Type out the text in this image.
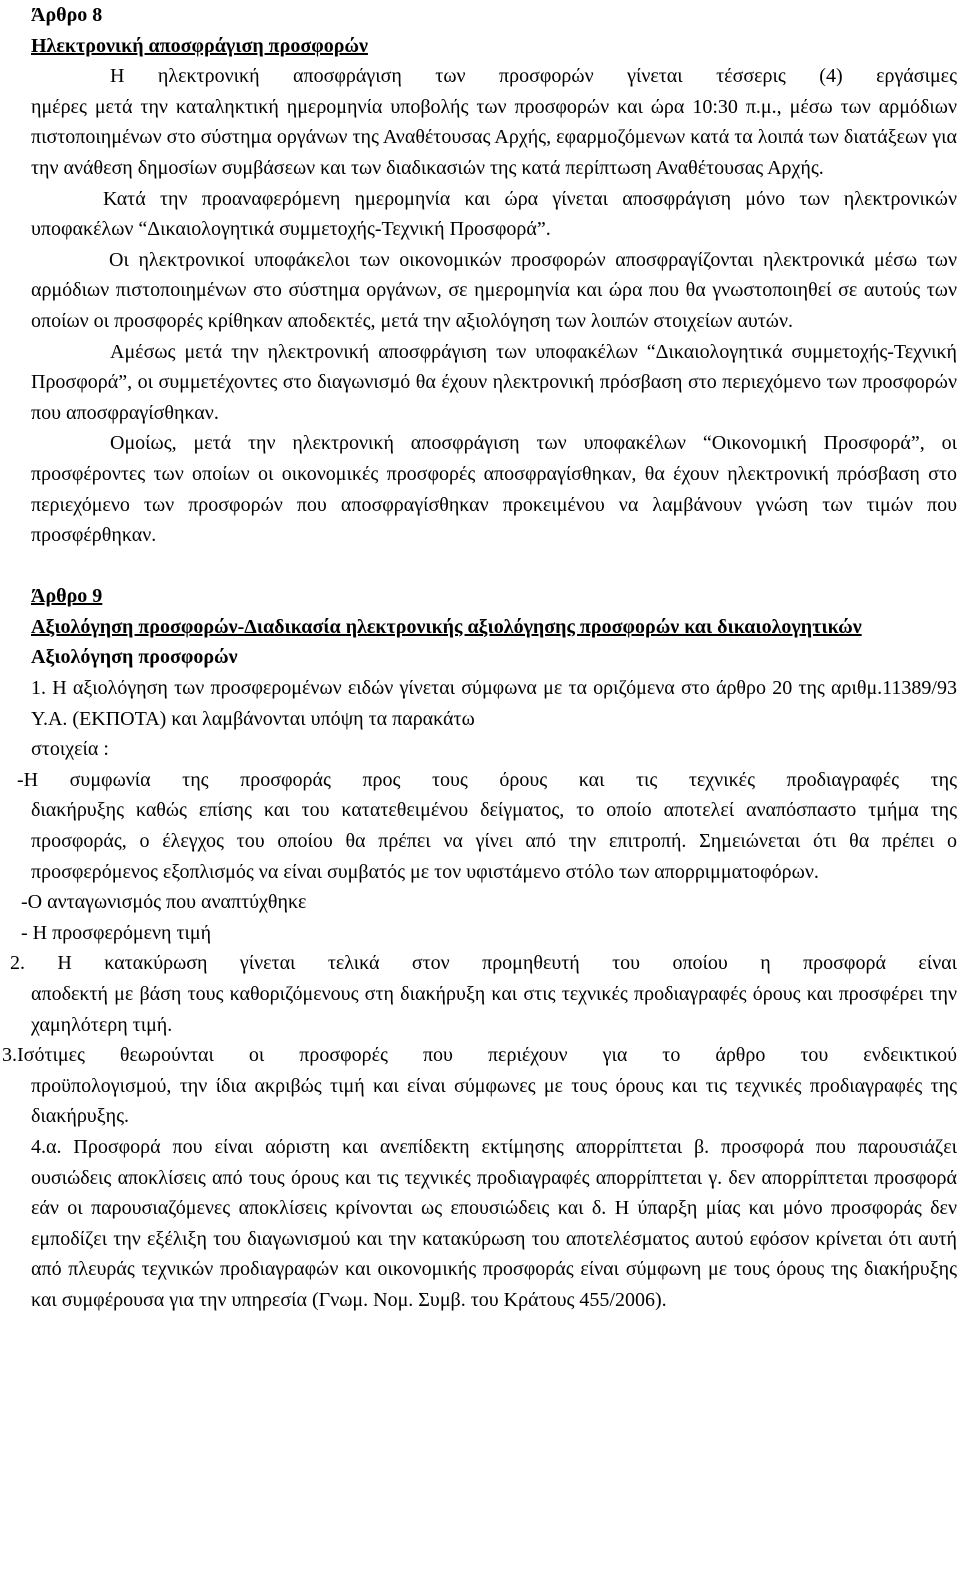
Άρθρο 8
Ηλεκτρονική αποσφράγιση προσφορών
Η ηλεκτρονική αποσφράγιση των προσφορών γίνεται τέσσερις (4) εργάσιμες
ημέρες μετά την καταληκτική ημερομηνία υποβολής των προσφορών και ώρα 10:30 π.μ., μέσω των αρμόδιων πιστοποιημένων στο σύστημα οργάνων της Αναθέτουσας Αρχής, εφαρμοζόμενων κατά τα λοιπά των διατάξεων για την ανάθεση δημοσίων συμβάσεων και των διαδικασιών της κατά περίπτωση Αναθέτουσας Αρχής.
Κατά την προαναφερόμενη ημερομηνία και ώρα γίνεται αποσφράγιση μόνο των ηλεκτρονικών υποφακέλων “Δικαιολογητικά συμμετοχής-Τεχνική Προσφορά”.
Οι ηλεκτρονικοί υποφάκελοι των οικονομικών προσφορών αποσφραγίζονται ηλεκτρονικά μέσω των αρμόδιων πιστοποιημένων στο σύστημα οργάνων, σε ημερομηνία και ώρα που θα γνωστοποιηθεί σε αυτούς των οποίων οι προσφορές κρίθηκαν αποδεκτές, μετά την αξιολόγηση των λοιπών στοιχείων αυτών.
Αμέσως μετά την ηλεκτρονική αποσφράγιση των υποφακέλων “Δικαιολογητικά συμμετοχής-Τεχνική Προσφορά”, οι συμμετέχοντες στο διαγωνισμό θα έχουν ηλεκτρονική πρόσβαση στο περιεχόμενο των προσφορών που αποσφραγίσθηκαν.
Ομοίως, μετά την ηλεκτρονική αποσφράγιση των υποφακέλων “Οικονομική Προσφορά”, οι προσφέροντες των οποίων οι οικονομικές προσφορές αποσφραγίσθηκαν, θα έχουν ηλεκτρονική πρόσβαση στο περιεχόμενο των προσφορών που αποσφραγίσθηκαν προκειμένου να λαμβάνουν γνώση των τιμών που προσφέρθηκαν.
Άρθρο 9
Αξιολόγηση προσφορών-Διαδικασία ηλεκτρονικής αξιολόγησης προσφορών και δικαιολογητικών
Αξιολόγηση προσφορών
1. Η αξιολόγηση των προσφερομένων ειδών γίνεται σύμφωνα με τα οριζόμενα στο άρθρο 20 της αριθμ.11389/93 Υ.Α. (ΕΚΠΟΤΑ) και λαμβάνονται υπόψη τα παρακάτω
στοιχεία :
-Η συμφωνία της προσφοράς προς τους όρους και τις τεχνικές προδιαγραφές της
διακήρυξης καθώς επίσης και του κατατεθειμένου δείγματος, το οποίο αποτελεί αναπόσπαστο τμήμα της προσφοράς, ο έλεγχος του οποίου θα πρέπει να γίνει από την επιτροπή. Σημειώνεται ότι θα πρέπει ο προσφερόμενος εξοπλισμός να είναι συμβατός με τον υφιστάμενο στόλο των απορριμματοφόρων.
-Ο ανταγωνισμός που αναπτύχθηκε
- Η προσφερόμενη τιμή
2. Η κατακύρωση γίνεται τελικά στον προμηθευτή του οποίου η προσφορά είναι
αποδεκτή με βάση τους καθοριζόμενους στη διακήρυξη και στις τεχνικές προδιαγραφές όρους και προσφέρει την χαμηλότερη τιμή.
3.Ισότιμες θεωρούνται οι προσφορές που περιέχουν για το άρθρο του ενδεικτικού
προϋπολογισμού, την ίδια ακριβώς τιμή και είναι σύμφωνες με τους όρους και τις τεχνικές προδιαγραφές της διακήρυξης.
4.α. Προσφορά που είναι αόριστη και ανεπίδεκτη εκτίμησης απορρίπτεται β. προσφορά που παρουσιάζει ουσιώδεις αποκλίσεις από τους όρους και τις τεχνικές προδιαγραφές απορρίπτεται γ. δεν απορρίπτεται προσφορά εάν οι παρουσιαζόμενες αποκλίσεις κρίνονται ως επουσιώδεις και δ. Η ύπαρξη μίας και μόνο προσφοράς δεν εμποδίζει την εξέλιξη του διαγωνισμού και την κατακύρωση του αποτελέσματος αυτού εφόσον κρίνεται ότι αυτή από πλευράς τεχνικών προδιαγραφών και οικονομικής προσφοράς είναι σύμφωνη με τους όρους της διακήρυξης και συμφέρουσα για την υπηρεσία (Γνωμ. Νομ. Συμβ. του Κράτους 455/2006).
